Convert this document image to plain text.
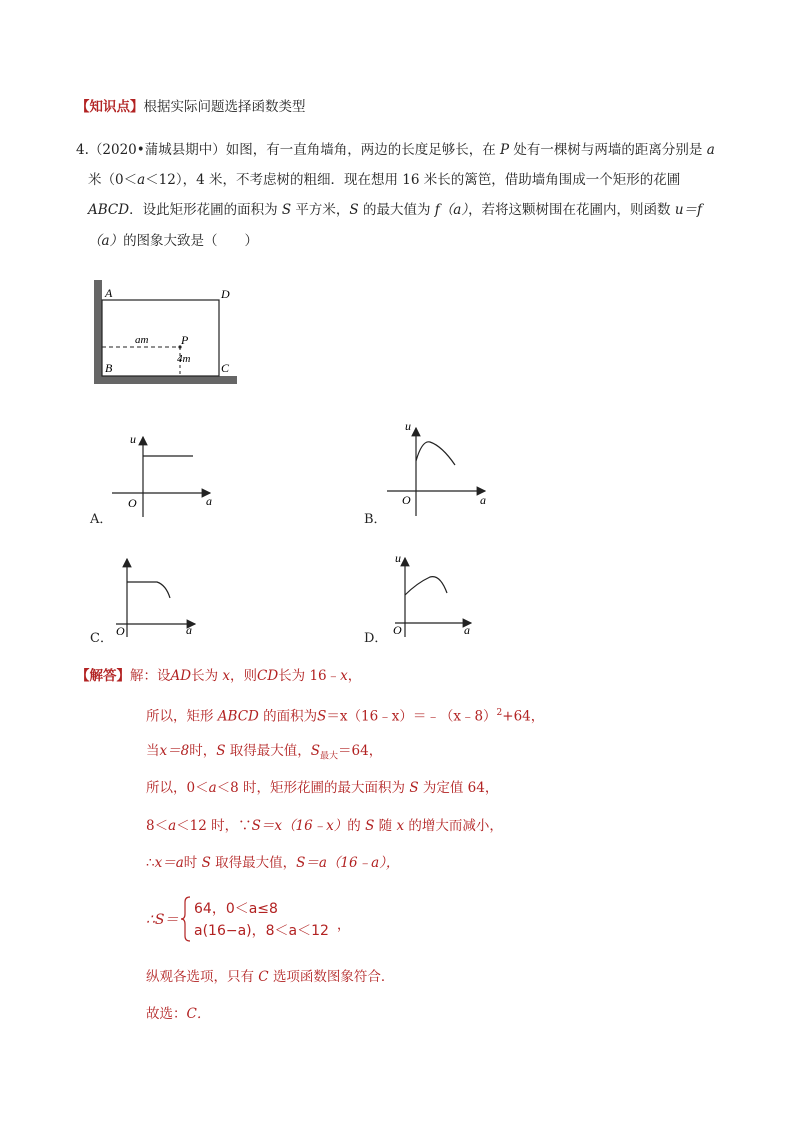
【知识点】根据实际问题选择函数类型
4.（2020•蒲城县期中）如图，有一直角墙角，两边的长度足够长，在 P 处有一棵树与两墙的距离分别是 a
米（0＜a＜12），4 米，不考虑树的粗细．现在想用 16 米长的篱笆，借助墙角围成一个矩形的花圃
ABCD．设此矩形花圃的面积为 S 平方米，S 的最大值为 f（a），若将这颗树围在花圃内，则函数 u＝f
（a）的图象大致是（　　）
A	D
B	C
P
am
4m
u
O	a
A．
u
O	a
B．
O	a
C．
u
O	a
D．
【解答】解：设AD长为 x，则CD长为 16﹣x，
所以，矩形 ABCD 的面积为S＝x（16﹣x）＝﹣（x﹣8）$^2$+64，
当x＝8时，S 取得最大值，$S_{最大}=64$，
所以，0＜a＜8 时，矩形花圃的最大面积为 S 为定值 64，
8＜a＜12 时，∵S＝x（16﹣x）的 S 随 x 的增大而减小，
∴x＝a时 S 取得最大值，S＝a（16﹣a），
∴S＝
64，0＜a≤8
a(16−a)，8＜a＜12 ，
纵观各选项，只有 C 选项函数图象符合．
故选：C．
